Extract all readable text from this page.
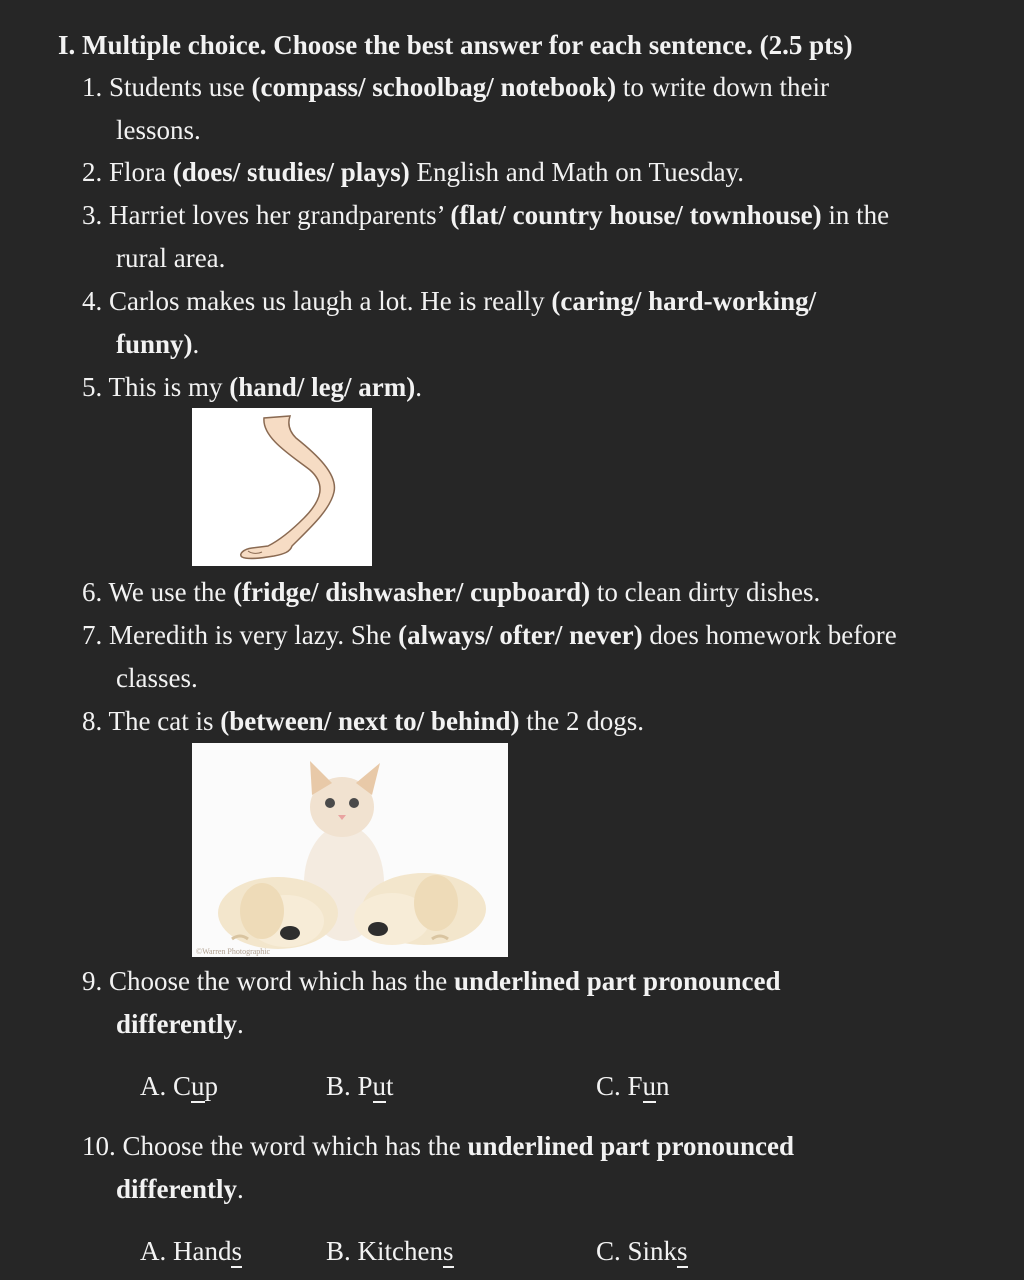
I. Multiple choice. Choose the best answer for each sentence. (2.5 pts)
1. Students use (compass/ schoolbag/ notebook) to write down their
lessons.
2. Flora (does/ studies/ plays) English and Math on Tuesday.
3. Harriet loves her grandparents’ (flat/ country house/ townhouse) in the
rural area.
4. Carlos makes us laugh a lot. He is really (caring/ hard-working/
funny).
5. This is my (hand/ leg/ arm).
6. We use the (fridge/ dishwasher/ cupboard) to clean dirty dishes.
7. Meredith is very lazy. She (always/ ofter/ never) does homework before
classes.
8. The cat is (between/ next to/ behind) the 2 dogs.
©Warren Photographic
9. Choose the word which has the underlined part pronounced
differently.
A. Cup	B. Put	C. Fun
10. Choose the word which has the underlined part pronounced
differently.
A. Hands	B. Kitchens	C. Sinks
